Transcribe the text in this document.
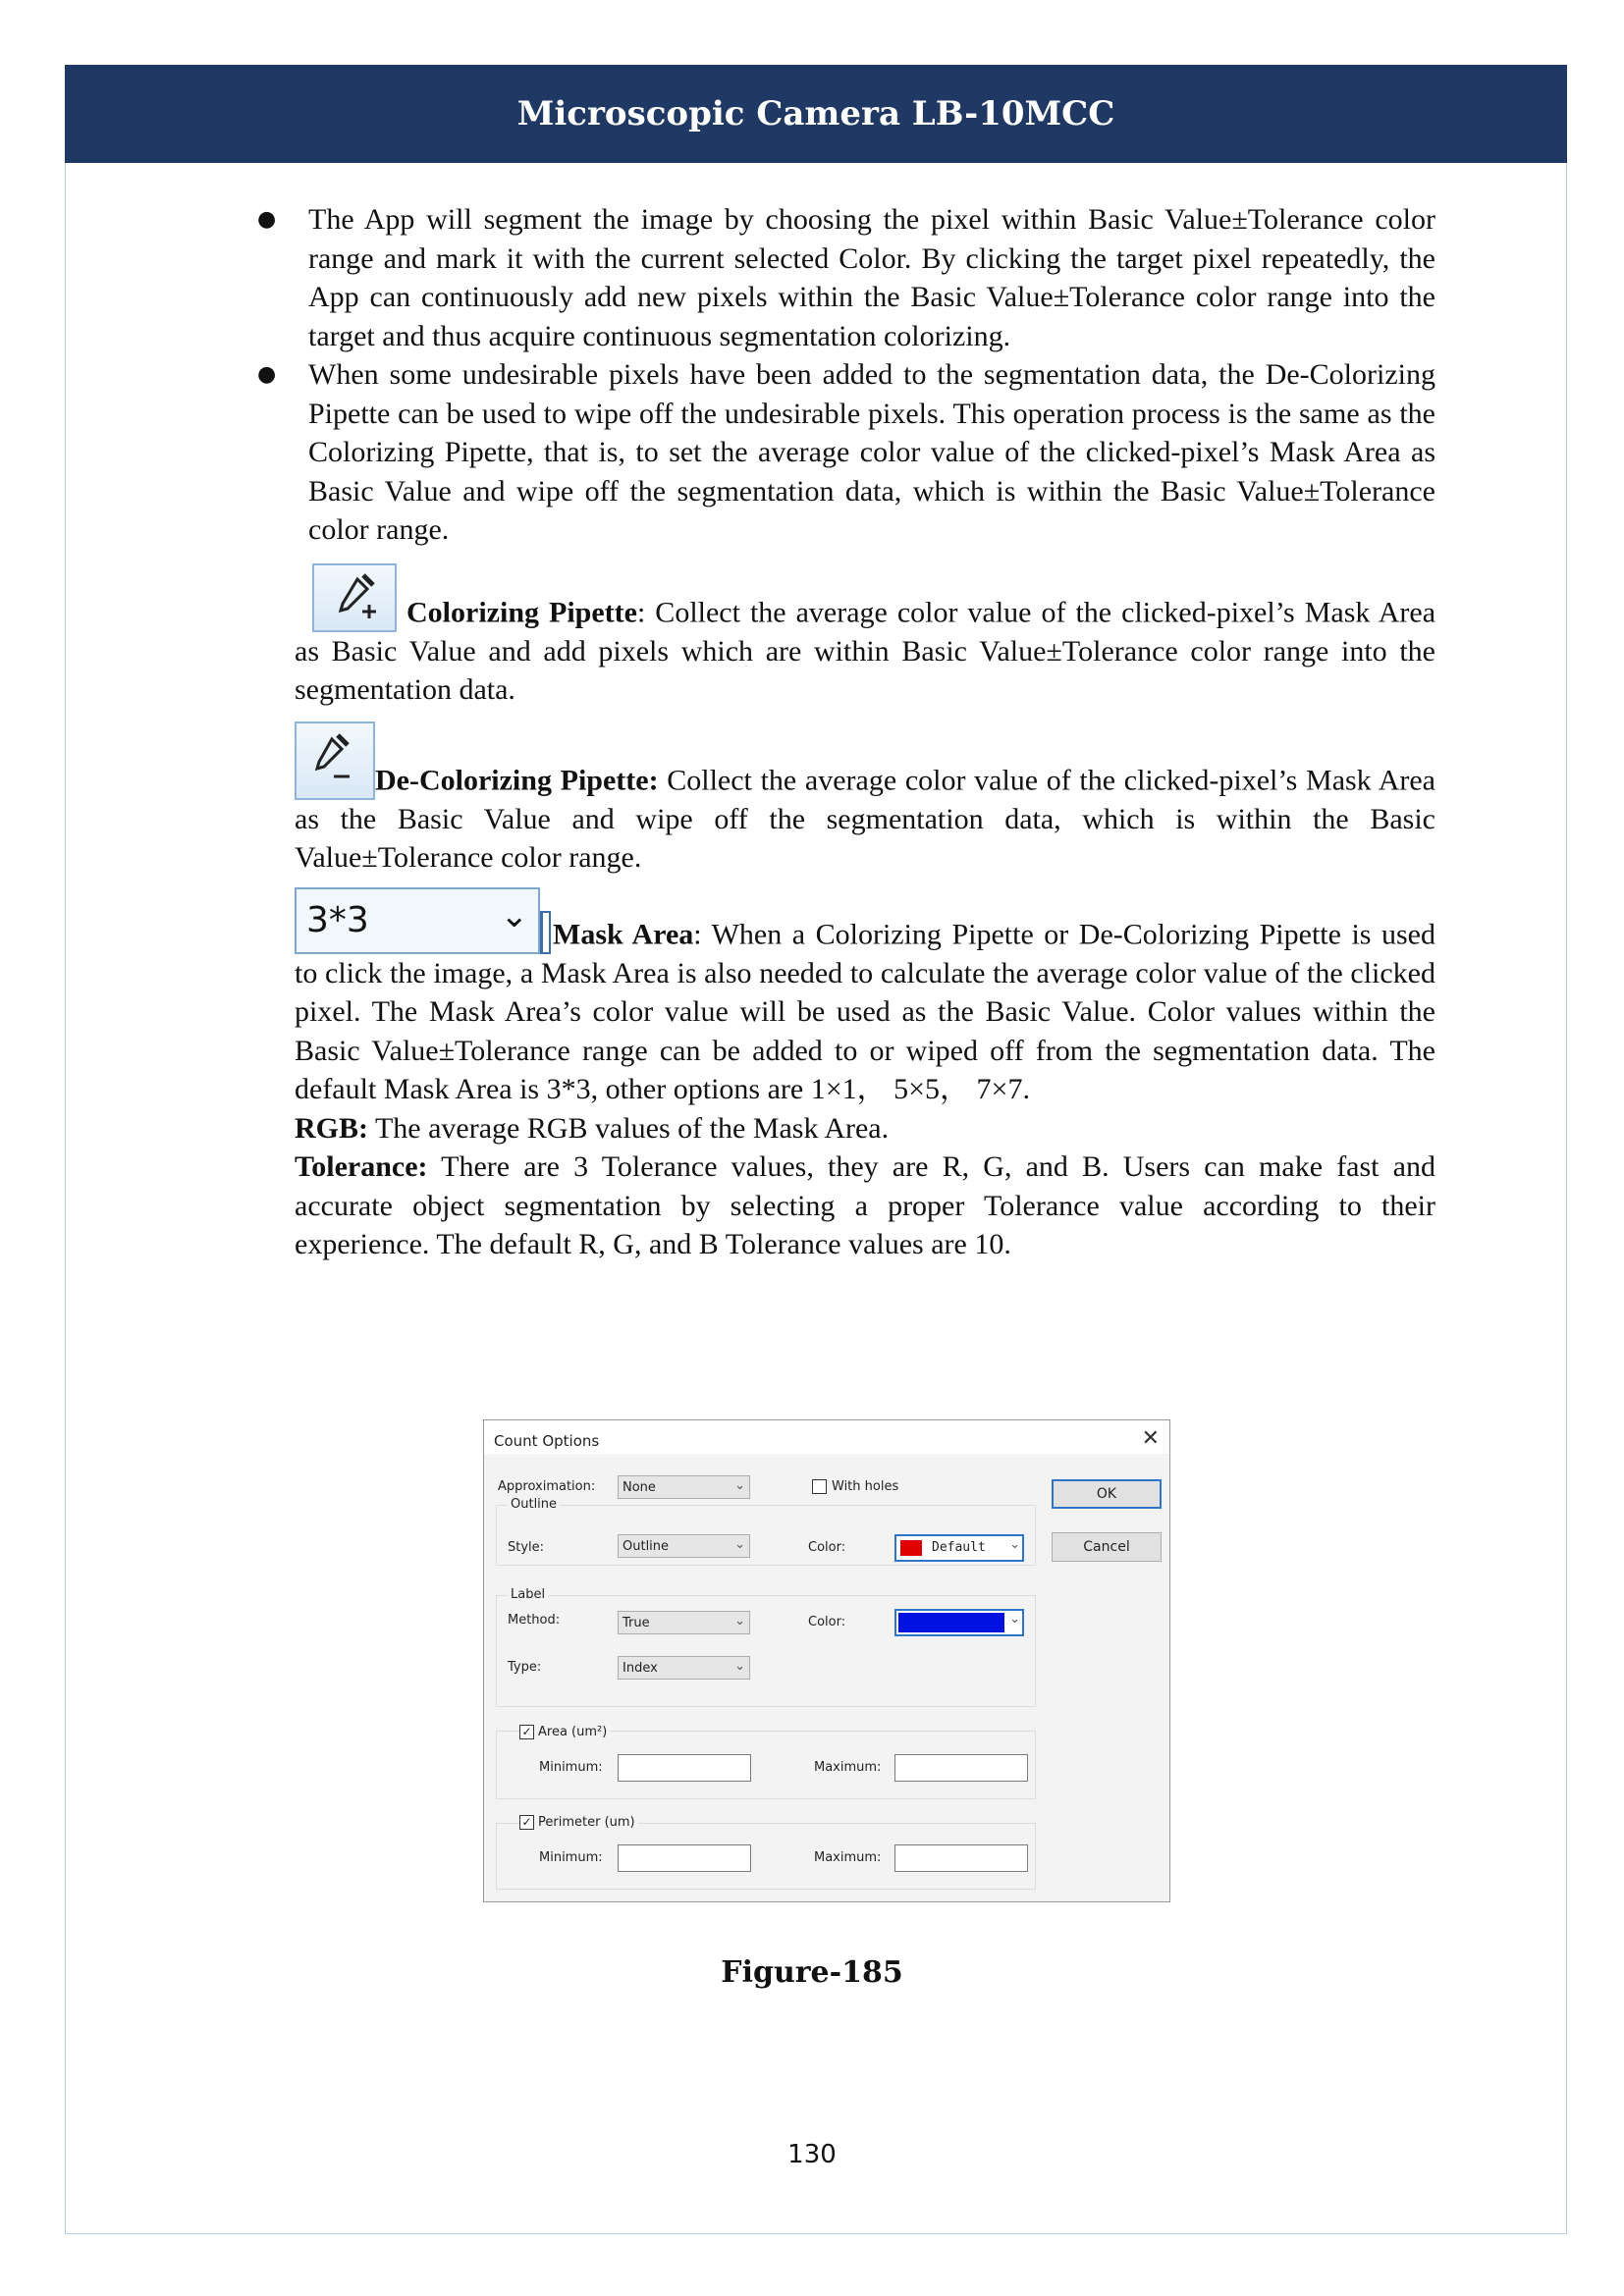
Microscopic Camera LB-10MCC
● The App will segment the image by choosing the pixel within Basic Value±Tolerance color range and mark it with the current selected Color. By clicking the target pixel repeatedly, the App can continuously add new pixels within the Basic Value±Tolerance color range into the target and thus acquire continuous segmentation colorizing.
● When some undesirable pixels have been added to the segmentation data, the De-Colorizing Pipette can be used to wipe off the undesirable pixels. This operation process is the same as the Colorizing Pipette, that is, to set the average color value of the clicked-pixel’s Mask Area as Basic Value and wipe off the segmentation data, which is within the Basic Value±Tolerance color range.
Colorizing Pipette: Collect the average color value of the clicked-pixel’s Mask Area as Basic Value and add pixels which are within Basic Value±Tolerance color range into the segmentation data.
De-Colorizing Pipette: Collect the average color value of the clicked-pixel’s Mask Area as the Basic Value and wipe off the segmentation data, which is within the Basic Value±Tolerance color range.
3*3	⌄ Mask Area: When a Colorizing Pipette or De-Colorizing Pipette is used to click the image, a Mask Area is also needed to calculate the average color value of the clicked pixel. The Mask Area’s color value will be used as the Basic Value. Color values within the Basic Value±Tolerance range can be added to or wiped off from the segmentation data. The default Mask Area is 3*3, other options are 1×1， 5×5， 7×7.
RGB: The average RGB values of the Mask Area.
Tolerance: There are 3 Tolerance values, they are R, G, and B. Users can make fast and accurate object segmentation by selecting a proper Tolerance value according to their experience. The default R, G, and B Tolerance values are 10.
Count Options	✕
Approximation: None	⌄	With holes	OK
Cancel
Outline
Style:	Outline	⌄	Color:	Default ⌄
Label
Method:	True	⌄	Color:	⌄
Type:	Index	⌄
✓ Area (um²)
Minimum:	Maximum:
✓ Perimeter (um)
Minimum:	Maximum:
Figure-185
130
